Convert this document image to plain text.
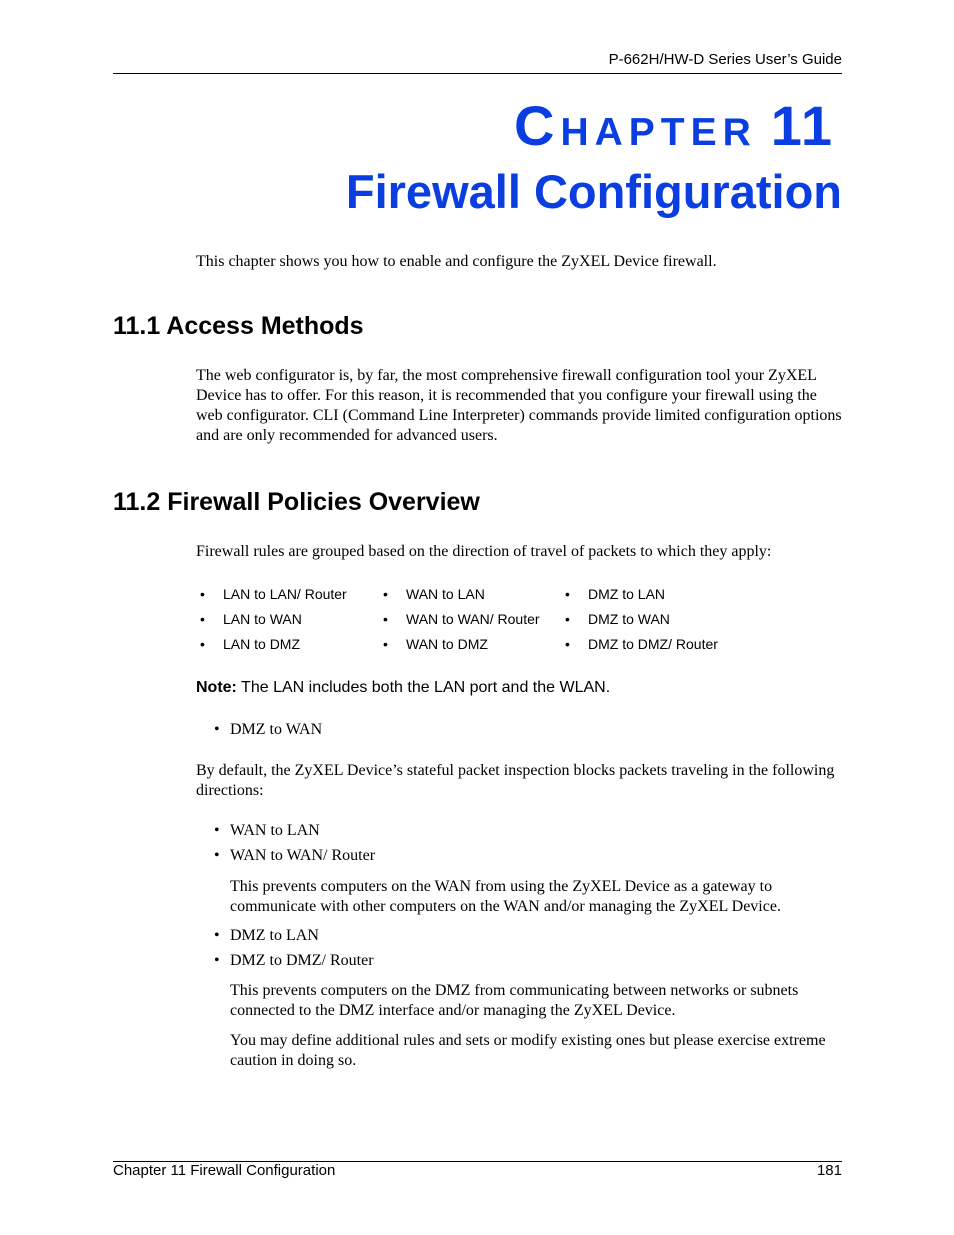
P-662H/HW-D Series User’s Guide
Chapter 11
Firewall Configuration
This chapter shows you how to enable and configure the ZyXEL Device firewall.
11.1 Access Methods
The web configurator is, by far, the most comprehensive firewall configuration tool your ZyXEL Device has to offer. For this reason, it is recommended that you configure your firewall using the web configurator. CLI (Command Line Interpreter) commands provide limited configuration options and are only recommended for advanced users.
11.2 Firewall Policies Overview
Firewall rules are grouped based on the direction of travel of packets to which they apply:
• LAN to LAN/ Router
• LAN to WAN
• LAN to DMZ
• WAN to LAN
• WAN to WAN/ Router
• WAN to DMZ
• DMZ to LAN
• DMZ to WAN
• DMZ to DMZ/ Router
Note: The LAN includes both the LAN port and the WLAN.
• DMZ to WAN
By default, the ZyXEL Device’s stateful packet inspection blocks packets traveling in the following directions:
• WAN to LAN
• WAN to WAN/ Router
This prevents computers on the WAN from using the ZyXEL Device as a gateway to communicate with other computers on the WAN and/or managing the ZyXEL Device.
• DMZ to LAN
• DMZ to DMZ/ Router
This prevents computers on the DMZ from communicating between networks or subnets connected to the DMZ interface and/or managing the ZyXEL Device.
You may define additional rules and sets or modify existing ones but please exercise extreme caution in doing so.
Chapter 11 Firewall Configuration	181
